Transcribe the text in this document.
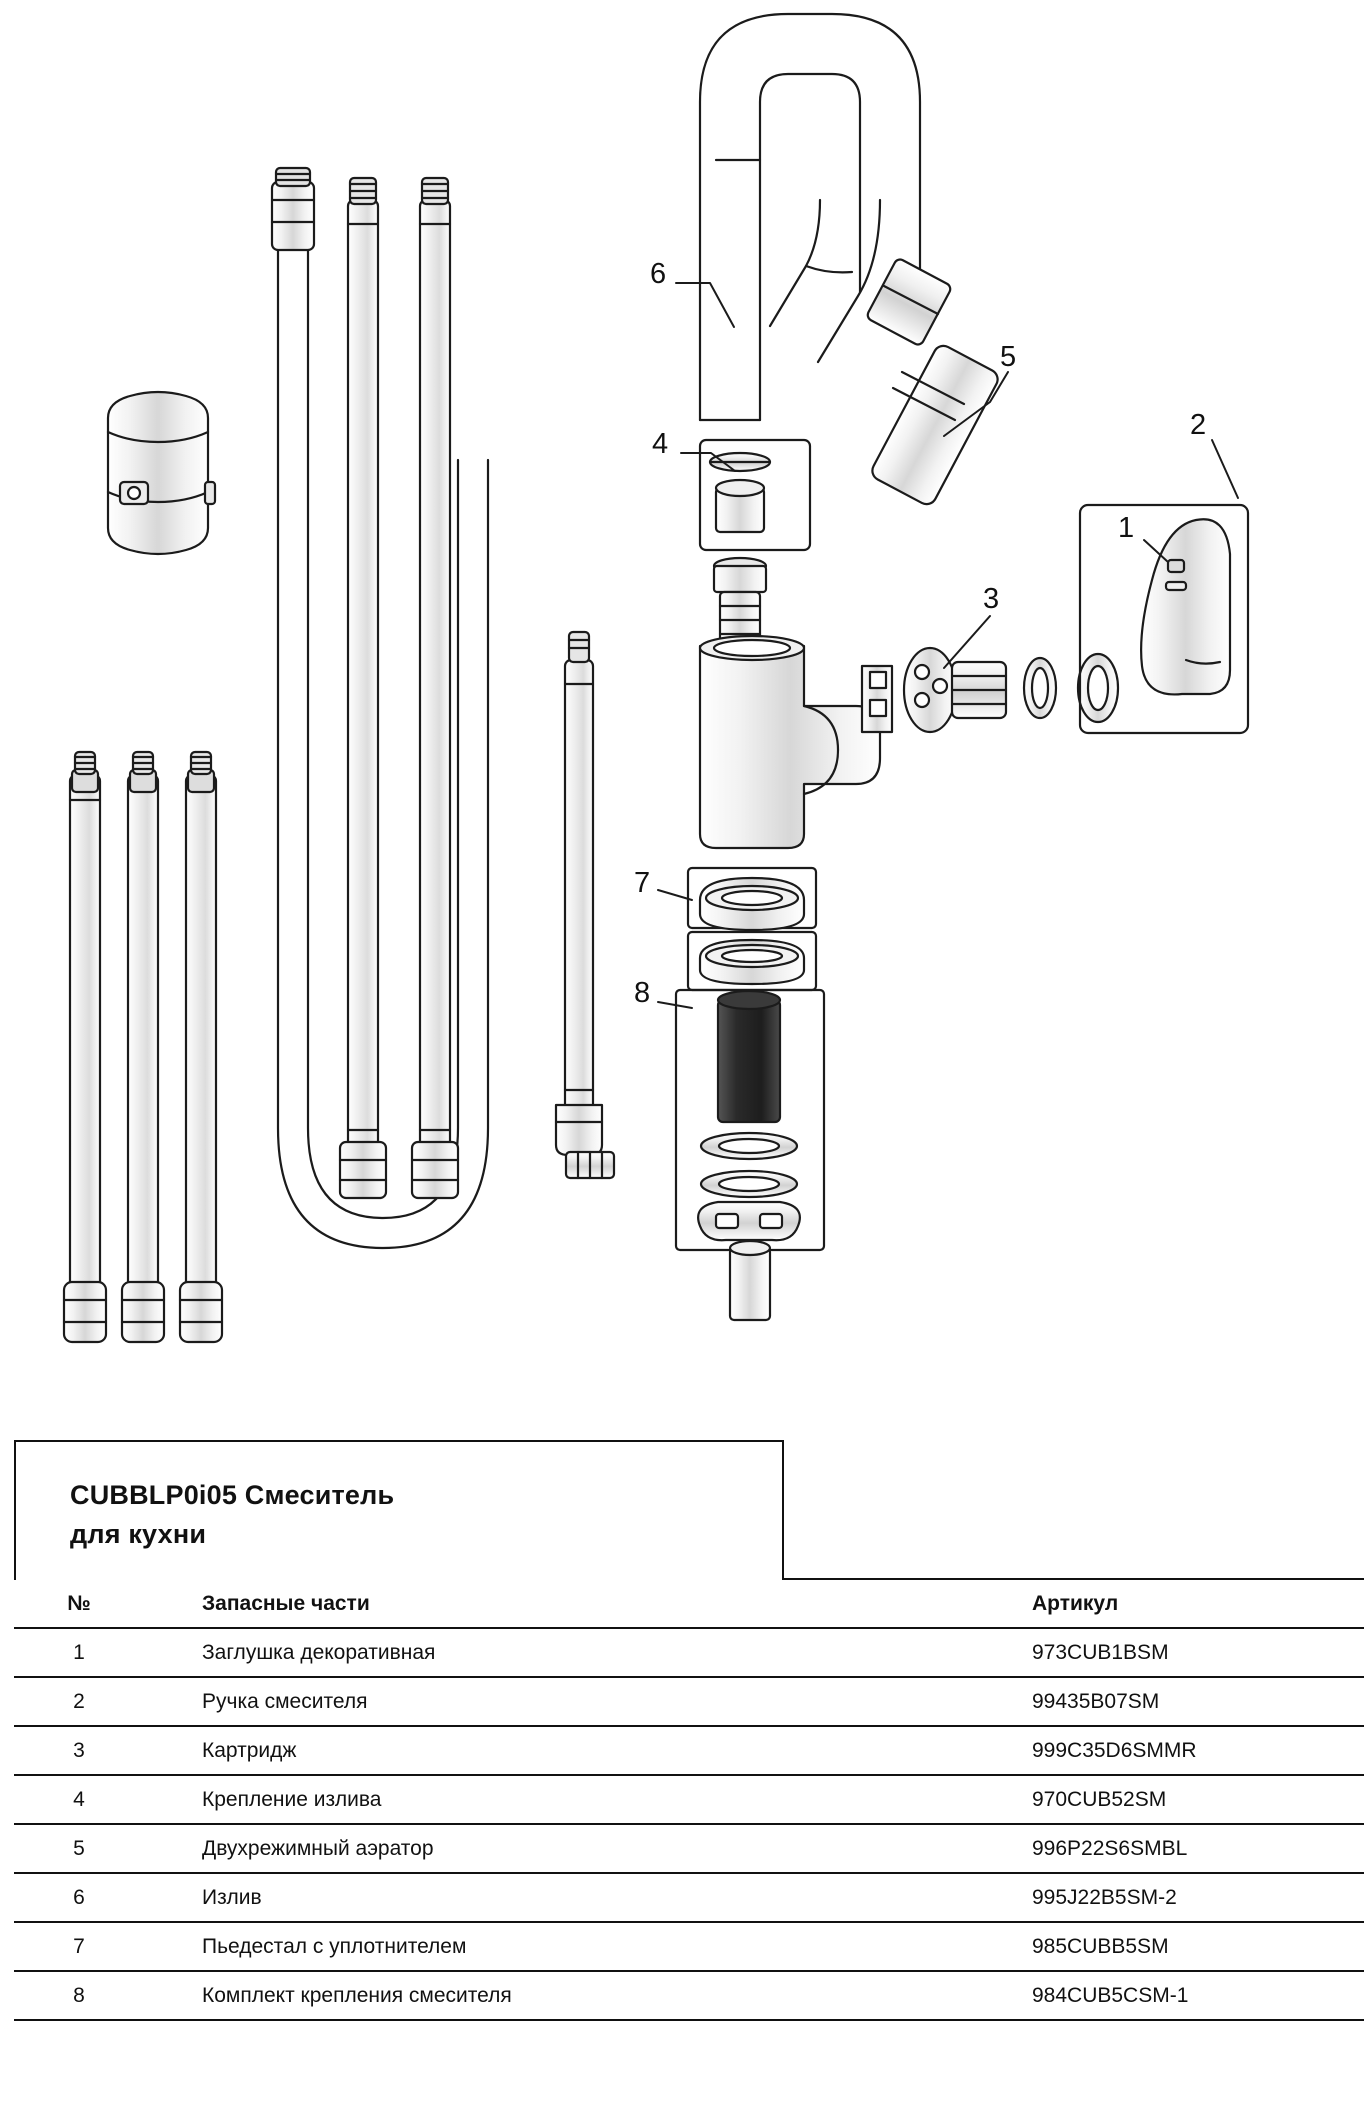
6
4
5
1
2
3
7
8
CUBBLP0i05 Смеситель
для кухни
№	Запасные части	Артикул
1	Заглушка декоративная	973CUB1BSM
2	Ручка смесителя	99435B07SM
3	Картридж	999C35D6SMMR
4	Крепление излива	970CUB52SM
5	Двухрежимный аэратор	996P22S6SMBL
6	Излив	995J22B5SM-2
7	Пьедестал с уплотнителем	985CUBB5SM
8	Комплект крепления смесителя	984CUB5CSM-1
